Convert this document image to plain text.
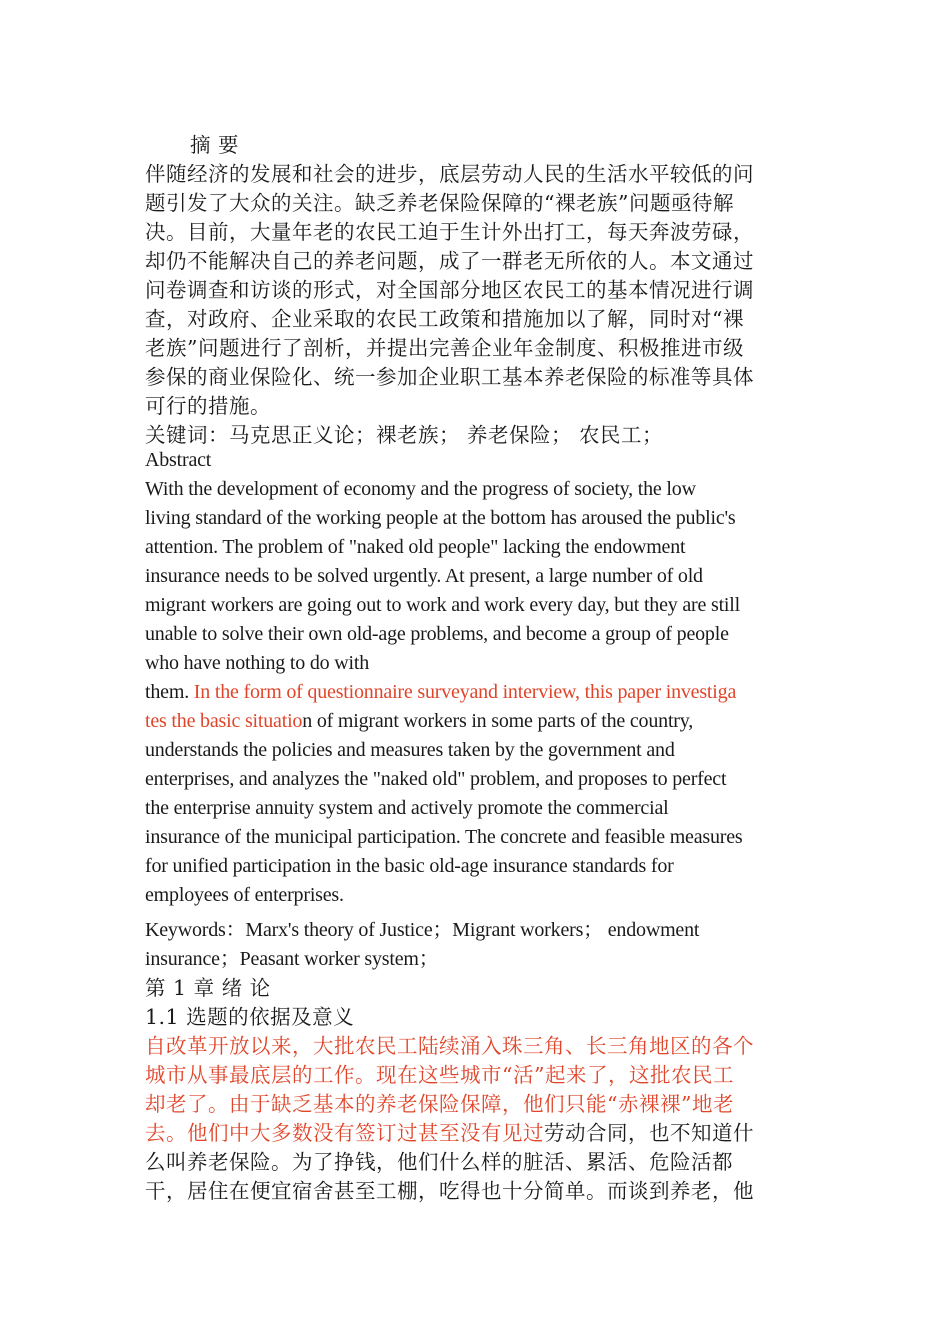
摘 要
伴随经济的发展和社会的进步，底层劳动人民的生活水平较低的问
题引发了大众的关注。缺乏养老保险保障的“裸老族”问题亟待解
决。目前，大量年老的农民工迫于生计外出打工，每天奔波劳碌，
却仍不能解决自己的养老问题，成了一群老无所依的人。本文通过
问卷调查和访谈的形式，对全国部分地区农民工的基本情况进行调
查，对政府、企业采取的农民工政策和措施加以了解，同时对“裸
老族”问题进行了剖析，并提出完善企业年金制度、积极推进市级
参保的商业保险化、统一参加企业职工基本养老保险的标准等具体
可行的措施。
关键词：马克思正义论；裸老族； 养老保险； 农民工；
Abstract
With the development of economy and the progress of society, the low
living standard of the working people at the bottom has aroused the public's
attention. The problem of "naked old people" lacking the endowment
insurance needs to be solved urgently. At present, a large number of old
migrant workers are going out to work and work every day, but they are still
unable to solve their own old-age problems, and become a group of people
who have nothing to do with
them. In the form of questionnaire surveyand interview, this paper investiga
tes the basic situation of migrant workers in some parts of the country,
understands the policies and measures taken by the government and
enterprises, and analyzes the "naked old" problem, and proposes to perfect
the enterprise annuity system and actively promote the commercial
insurance of the municipal participation. The concrete and feasible measures
for unified participation in the basic old-age insurance standards for
employees of enterprises.
Keywords：Marx's theory of Justice；Migrant workers； endowment
insurance；Peasant worker system；
第 1 章 绪 论
1.1 选题的依据及意义
自改革开放以来，大批农民工陆续涌入珠三角、长三角地区的各个
城市从事最底层的工作。现在这些城市“活”起来了，这批农民工
却老了。由于缺乏基本的养老保险保障，他们只能“赤裸裸”地老
去。他们中大多数没有签订过甚至没有见过劳动合同，也不知道什
么叫养老保险。为了挣钱，他们什么样的脏活、累活、危险活都
干，居住在便宜宿舍甚至工棚，吃得也十分简单。而谈到养老，他
